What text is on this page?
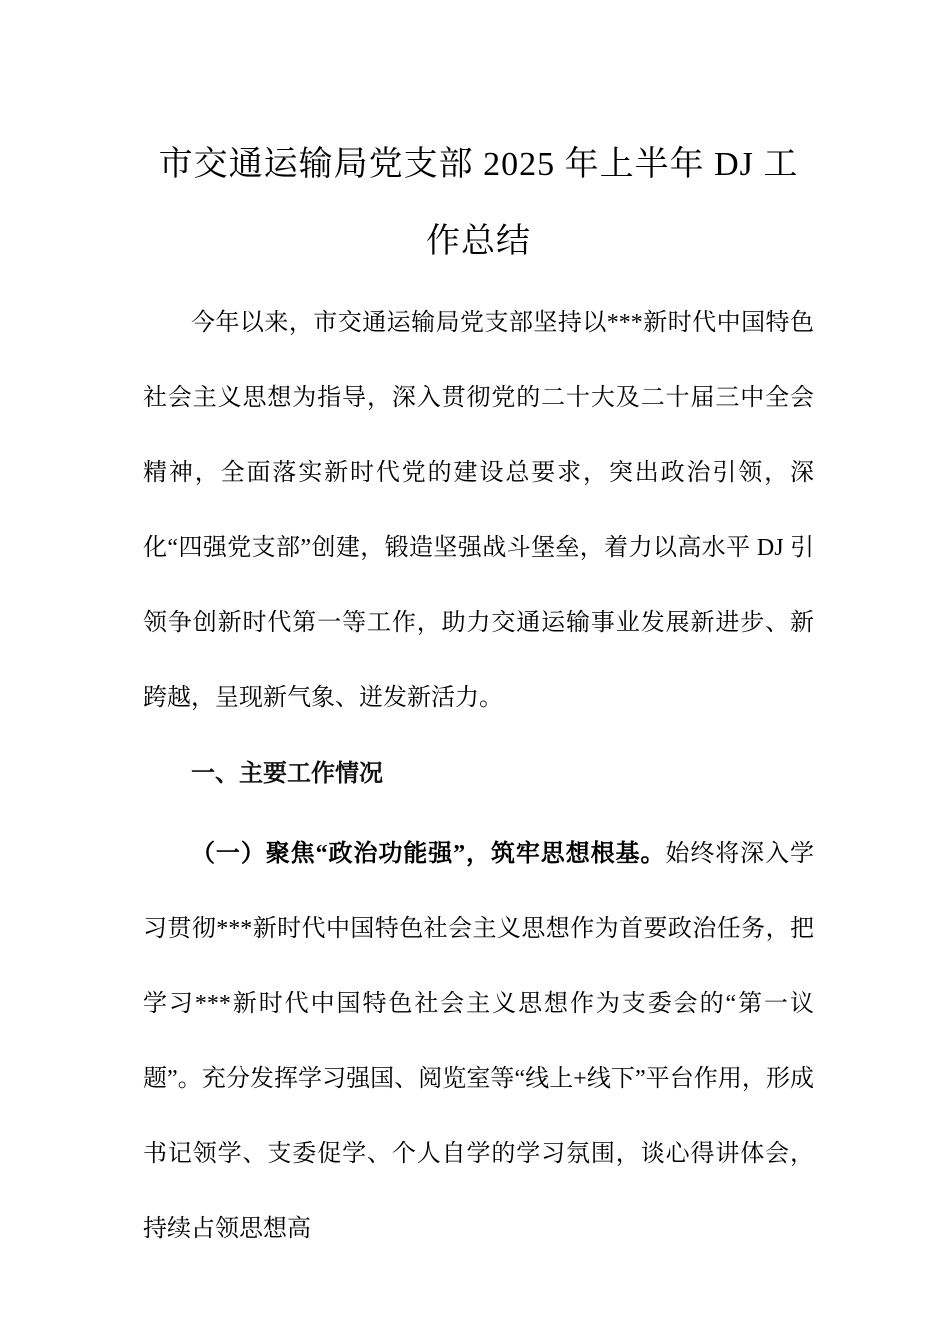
市交通运输局党支部 2025 年上半年 DJ 工作总结

今年以来，市交通运输局党支部坚持以***新时代中国特色社会主义思想为指导，深入贯彻党的二十大及二十届三中全会精神，全面落实新时代党的建设总要求，突出政治引领，深化“四强党支部”创建，锻造坚强战斗堡垒，着力以高水平 DJ 引领争创新时代第一等工作，助力交通运输事业发展新进步、新跨越，呈现新气象、迸发新活力。

一、主要工作情况

（一）聚焦“政治功能强”，筑牢思想根基。始终将深入学习贯彻***新时代中国特色社会主义思想作为首要政治任务，把学习***新时代中国特色社会主义思想作为支委会的“第一议题”。充分发挥学习强国、阅览室等“线上+线下”平台作用，形成书记领学、支委促学、个人自学的学习氛围，谈心得讲体会，持续占领思想高
